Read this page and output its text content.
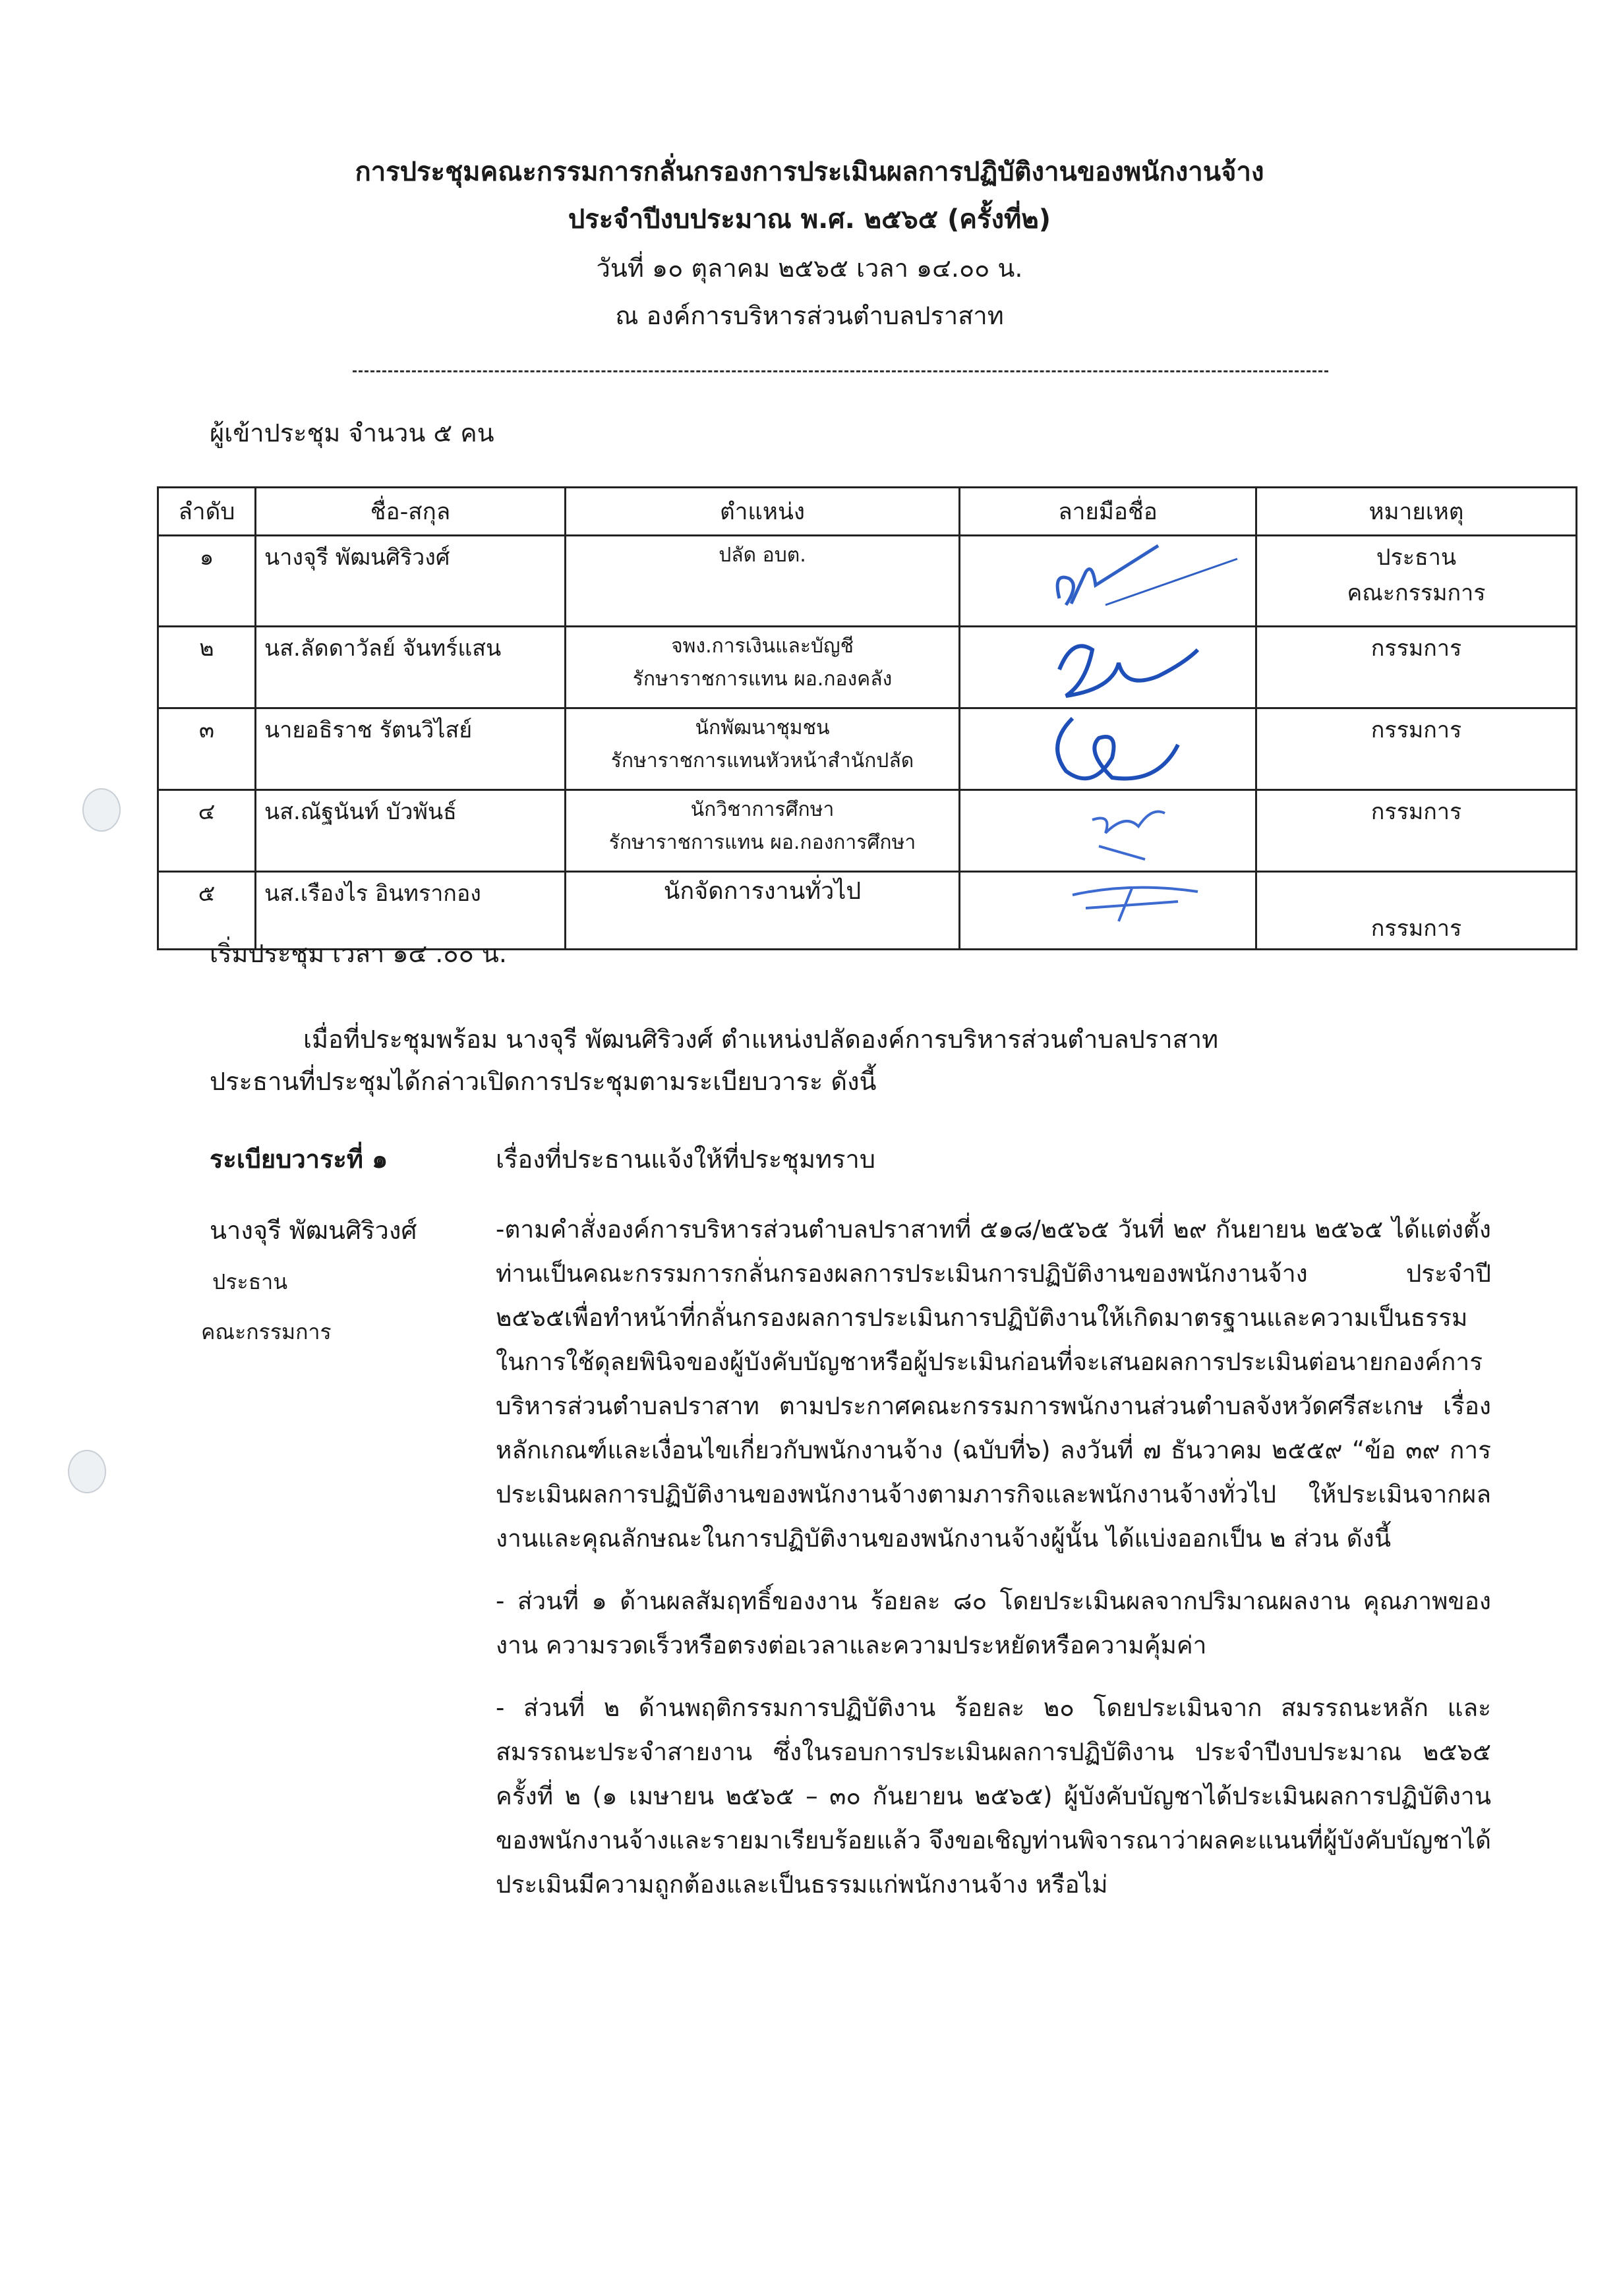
การประชุมคณะกรรมการกลั่นกรองการประเมินผลการปฏิบัติงานของพนักงานจ้าง
ประจำปีงบประมาณ พ.ศ. ๒๕๖๕ (ครั้งที่๒)
วันที่ ๑๐ ตุลาคม ๒๕๖๕ เวลา ๑๔.๐๐ น.
ณ องค์การบริหารส่วนตำบลปราสาท
ผู้เข้าประชุม จำนวน ๕ คน
ลำดับ	ชื่อ-สกุล	ตำแหน่ง	ลายมือชื่อ	หมายเหตุ
๑	นางจุรี พัฒนศิริวงศ์	ปลัด อบต.		ประธาน
คณะกรรมการ

๒	นส.ลัดดาวัลย์ จันทร์แสน	จพง.การเงินและบัญชี
รักษาราชการแทน ผอ.กองคลัง		กรรมการ

๓	นายอธิราช รัตนวิไสย์	นักพัฒนาชุมชน
รักษาราชการแทนหัวหน้าสำนักปลัด		กรรมการ

๔	นส.ณัฐนันท์ บัวพันธ์	นักวิชาการศึกษา
รักษาราชการแทน ผอ.กองการศึกษา		กรรมการ

๕	นส.เรืองไร อินทรากอง	นักจัดการงานทั่วไป		กรรมการ
เริ่มประชุม เวลา ๑๔ .๐๐ น.
เมื่อที่ประชุมพร้อม นางจุรี พัฒนศิริวงศ์ ตำแหน่งปลัดองค์การบริหารส่วนตำบลปราสาท
ประธานที่ประชุมได้กล่าวเปิดการประชุมตามระเบียบวาระ ดังนี้
ระเบียบวาระที่ ๑	เรื่องที่ประธานแจ้งให้ที่ประชุมทราบ
นางจุรี พัฒนศิริวงศ์
ประธาน
คณะกรรมการ

-ตามคำสั่งองค์การบริหารส่วนตำบลปราสาทที่ ๕๑๘/๒๕๖๕ วันที่ ๒๙ กันยายน ๒๕๖๕ ได้แต่งตั้งท่านเป็นคณะกรรมการกลั่นกรองผลการประเมินการปฏิบัติงานของพนักงานจ้าง ประจำปี ๒๕๖๕เพื่อทำหน้าที่กลั่นกรองผลการประเมินการปฏิบัติงานให้เกิดมาตรฐานและความเป็นธรรมในการใช้ดุลยพินิจของผู้บังคับบัญชาหรือผู้ประเมินก่อนที่จะเสนอผลการประเมินต่อนายกองค์การบริหารส่วนตำบลปราสาท ตามประกาศคณะกรรมการพนักงานส่วนตำบลจังหวัดศรีสะเกษ เรื่องหลักเกณฑ์และเงื่อนไขเกี่ยวกับพนักงานจ้าง (ฉบับที่๖) ลงวันที่ ๗ ธันวาคม ๒๕๕๙ “ข้อ ๓๙ การประเมินผลการปฏิบัติงานของพนักงานจ้างตามภารกิจและพนักงานจ้างทั่วไป ให้ประเมินจากผลงานและคุณลักษณะในการปฏิบัติงานของพนักงานจ้างผู้นั้น ได้แบ่งออกเป็น ๒ ส่วน ดังนี้

- ส่วนที่ ๑ ด้านผลสัมฤทธิ์ของงาน ร้อยละ ๘๐ โดยประเมินผลจากปริมาณผลงาน คุณภาพของงาน ความรวดเร็วหรือตรงต่อเวลาและความประหยัดหรือความคุ้มค่า

- ส่วนที่ ๒ ด้านพฤติกรรมการปฏิบัติงาน ร้อยละ ๒๐ โดยประเมินจาก สมรรถนะหลัก และสมรรถนะประจำสายงาน ซึ่งในรอบการประเมินผลการปฏิบัติงาน ประจำปีงบประมาณ ๒๕๖๕ ครั้งที่ ๒ (๑ เมษายน ๒๕๖๕ – ๓๐ กันยายน ๒๕๖๕) ผู้บังคับบัญชาได้ประเมินผลการปฏิบัติงานของพนักงานจ้างและรายมาเรียบร้อยแล้ว จึงขอเชิญท่านพิจารณาว่าผลคะแนนที่ผู้บังคับบัญชาได้ประเมินมีความถูกต้องและเป็นธรรมแก่พนักงานจ้าง หรือไม่
